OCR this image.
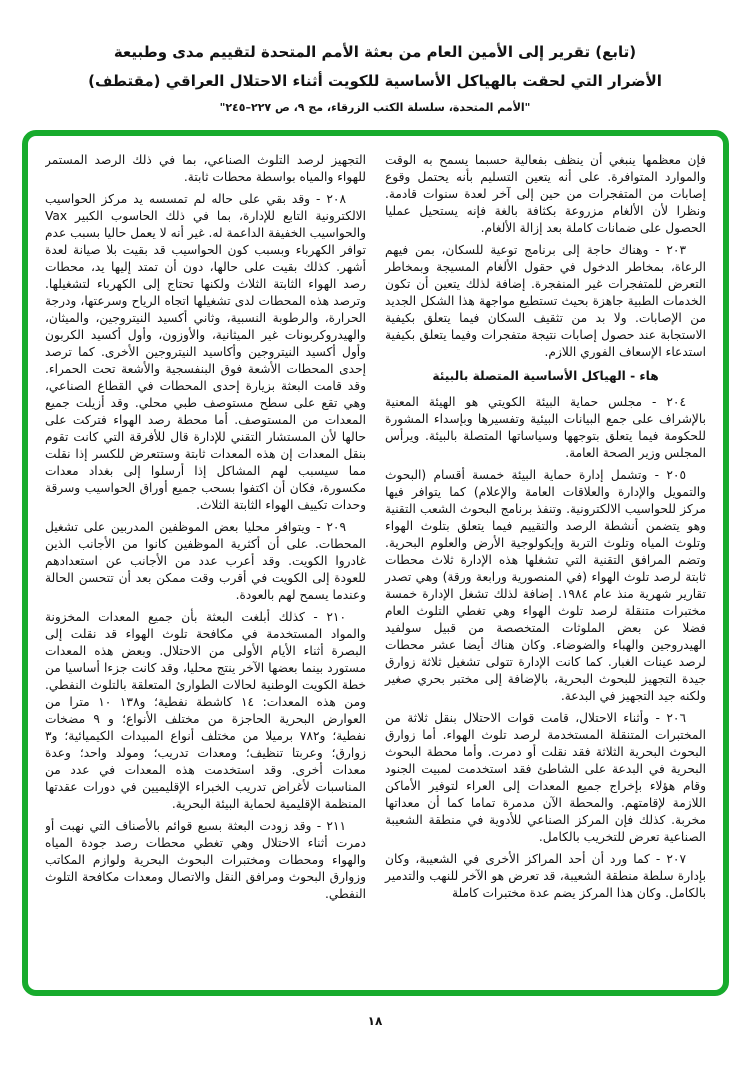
(تابع) تقرير إلى الأمين العام من بعثة الأمم المتحدة لتقييم مدى وطبيعة
الأضرار التي لحقت بالهياكل الأساسية للكويت أثناء الاحتلال العراقي (مقتطف)
"الأمم المتحدة، سلسلة الكتب الزرقاء، مج ٩، ص ٢٢٧–٢٤٥"

فإن معظمها ينبغي أن ينظف بفعالية حسبما يسمح به الوقت والموارد المتوافرة. على أنه يتعين التسليم بأنه يحتمل وقوع إصابات من المتفجرات من حين إلى آخر لعدة سنوات قادمة. ونظرا لأن الألغام مزروعة بكثافة بالغة فإنه يستحيل عمليا الحصول على ضمانات كاملة بعد إزالة الألغام.

٢٠٣ - وهناك حاجة إلى برنامج توعية للسكان، بمن فيهم الرعاة، بمخاطر الدخول في حقول الألغام المسيجة وبمخاطر التعرض للمتفجرات غير المنفجرة. إضافة لذلك يتعين أن تكون الخدمات الطبية جاهزة بحيث تستطيع مواجهة هذا الشكل الجديد من الإصابات. ولا بد من تثقيف السكان فيما يتعلق بكيفية الاستجابة عند حصول إصابات نتيجة متفجرات وفيما يتعلق بكيفية استدعاء الإسعاف الفوري اللازم.

هاء - الهياكل الأساسية المتصلة بالبيئة

٢٠٤ - مجلس حماية البيئة الكويتي هو الهيئة المعنية بالإشراف على جمع البيانات البيئية وتفسيرها وبإسداء المشورة للحكومة فيما يتعلق بتوجهها وسياساتها المتصلة بالبيئة. ويرأس المجلس وزير الصحة العامة.

٢٠٥ - وتشمل إدارة حماية البيئة خمسة أقسام (البحوث والتمويل والإدارة والعلاقات العامة والإعلام) كما يتوافر فيها مركز للحواسيب الالكترونية. وتنفذ برنامج البحوث الشعب التقنية وهو يتضمن أنشطة الرصد والتقييم فيما يتعلق بتلوث الهواء وتلوث المياه وتلوث التربة وإيكولوجية الأرض والعلوم البحرية. وتضم المرافق التقنية التي تشغلها هذه الإدارة ثلاث محطات ثابتة لرصد تلوث الهواء (في المنصورية ورابعة ورقة) وهي تصدر تقارير شهرية منذ عام ١٩٨٤. إضافة لذلك تشغل الإدارة خمسة مختبرات متنقلة لرصد تلوث الهواء وهي تغطي التلوث العام فضلا عن بعض الملوثات المتخصصة من قبيل سولفيد الهيدروجين والهباء والضوضاء. وكان هناك أيضا عشر محطات لرصد عينات الغبار. كما كانت الإدارة تتولى تشغيل ثلاثة زوارق جيدة التجهيز للبحوث البحرية، بالإضافة إلى مختبر بحري صغير ولكنه جيد التجهيز في البدعة.

٢٠٦ - وأثناء الاحتلال، قامت قوات الاحتلال بنقل ثلاثة من المختبرات المتنقلة المستخدمة لرصد تلوث الهواء. أما زوارق البحوث البحرية الثلاثة فقد نقلت أو دمرت. وأما محطة البحوث البحرية في البدعة على الشاطئ فقد استخدمت لمبيت الجنود وقام هؤلاء بإخراج جميع المعدات إلى العراء لتوفير الأماكن اللازمة لإقامتهم. والمحطة الآن مدمرة تماما كما أن معداتها مخربة. كذلك فإن المركز الصناعي للأدوية في منطقة الشعيبة الصناعية تعرض للتخريب بالكامل.

٢٠٧ - كما ورد أن أحد المراكز الأخرى في الشعيبة، وكان بإدارة سلطة منطقة الشعيبة، قد تعرض هو الآخر للنهب والتدمير بالكامل. وكان هذا المركز يضم عدة مختبرات كاملة

التجهيز لرصد التلوث الصناعي، بما في ذلك الرصد المستمر للهواء والمياه بواسطة محطات ثابتة.

٢٠٨ - وقد بقي على حاله لم تمسسه يد مركز الحواسيب الالكترونية التابع للإدارة، بما في ذلك الحاسوب الكبير Vax والحواسيب الخفيفة الداعمة له. غير أنه لا يعمل حاليا بسبب عدم توافر الكهرباء وبسبب كون الحواسيب قد بقيت بلا صيانة لعدة أشهر. كذلك بقيت على حالها، دون أن تمتد إليها يد، محطات رصد الهواء الثابتة الثلاث ولكنها تحتاج إلى الكهرباء لتشغيلها. وترصد هذه المحطات لدى تشغيلها اتجاه الرياح وسرعتها، ودرجة الحرارة، والرطوبة النسبية، وثاني أكسيد النيتروجين، والميثان، والهيدروكربونات غير الميثانية، والأوزون، وأول أكسيد الكربون وأول أكسيد النيتروجين وأكاسيد النيتروجين الأخرى. كما ترصد إحدى المحطات الأشعة فوق البنفسجية والأشعة تحت الحمراء. وقد قامت البعثة بزيارة إحدى المحطات في القطاع الصناعي، وهي تقع على سطح مستوصف طبي محلي. وقد أزيلت جميع المعدات من المستوصف. أما محطة رصد الهواء فتركت على حالها لأن المستشار التقني للإدارة قال للأفرقة التي كانت تقوم بنقل المعدات إن هذه المعدات ثابتة وستتعرض للكسر إذا نقلت مما سيسبب لهم المشاكل إذا أرسلوا إلى بغداد معدات مكسورة، فكان أن اكتفوا بسحب جميع أوراق الحواسيب وسرقة وحدات تكييف الهواء الثابتة الثلاث.

٢٠٩ - ويتوافر محليا بعض الموظفين المدربين على تشغيل المحطات. على أن أكثرية الموظفين كانوا من الأجانب الذين غادروا الكويت. وقد أعرب عدد من الأجانب عن استعدادهم للعودة إلى الكويت في أقرب وقت ممكن بعد أن تتحسن الحالة وعندما يسمح لهم بالعودة.

٢١٠ - كذلك أبلغت البعثة بأن جميع المعدات المخزونة والمواد المستخدمة في مكافحة تلوث الهواء قد نقلت إلى البصرة أثناء الأيام الأولى من الاحتلال. وبعض هذه المعدات مستورد بينما بعضها الآخر ينتج محليا، وقد كانت جزءا أساسيا من خطة الكويت الوطنية لحالات الطوارئ المتعلقة بالتلوث النفطي. ومن هذه المعدات: ١٤ كاشطة نفطية؛ و١٣٨ ١٠ مترا من العوارض البحرية الحاجزة من مختلف الأنواع؛ و ٩ مضخات نفطية؛ و٧٨٢ برميلا من مختلف أنواع المبيدات الكيميائية؛ و٣ زوارق؛ وعربتا تنظيف؛ ومعدات تدريب؛ ومولد واحد؛ وعدة معدات أخرى. وقد استخدمت هذه المعدات في عدد من المناسبات لأغراض تدريب الخبراء الإقليميين في دورات عقدتها المنظمة الإقليمية لحماية البيئة البحرية.

٢١١ - وقد زودت البعثة بسبع قوائم بالأصناف التي نهبت أو دمرت أثناء الاحتلال وهي تغطي محطات رصد جودة المياه والهواء ومحطات ومختبرات البحوث البحرية ولوازم المكاتب وزوارق البحوث ومرافق النقل والاتصال ومعدات مكافحة التلوث النفطي.

١٨
